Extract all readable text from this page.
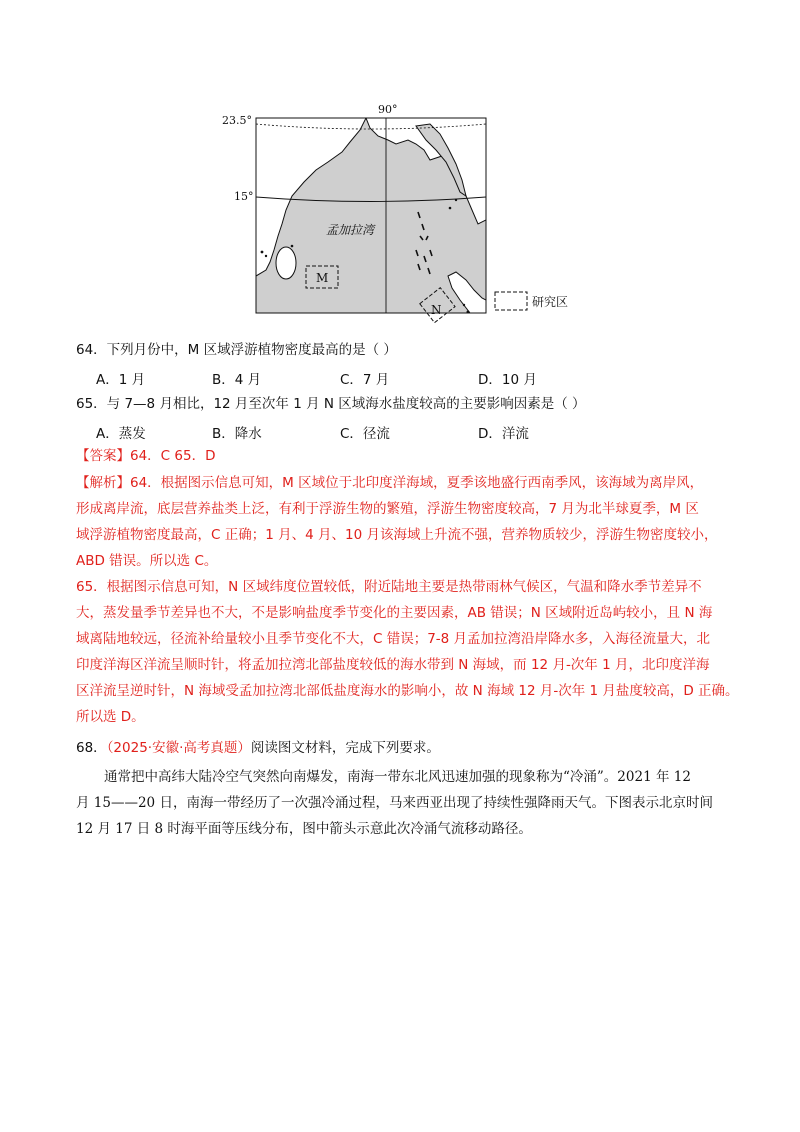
M
N
孟加拉湾
23.5°
15°
90°
研究区
64．下列月份中，M 区域浮游植物密度最高的是（ ）
A．1 月	B．4 月	C．7 月	D．10 月
65．与 7—8 月相比，12 月至次年 1 月 N 区域海水盐度较高的主要影响因素是（ ）
A．蒸发	B．降水	C．径流	D．洋流
【答案】64．C 65．D
【解析】64．根据图示信息可知，M 区域位于北印度洋海域，夏季该地盛行西南季风，该海域为离岸风，
形成离岸流，底层营养盐类上泛，有利于浮游生物的繁殖，浮游生物密度较高，7 月为北半球夏季，M 区
域浮游植物密度最高，C 正确；1 月、4 月、10 月该海域上升流不强，营养物质较少，浮游生物密度较小，
ABD 错误。所以选 C。
65．根据图示信息可知，N 区域纬度位置较低，附近陆地主要是热带雨林气候区，气温和降水季节差异不
大，蒸发量季节差异也不大，不是影响盐度季节变化的主要因素，AB 错误；N 区域附近岛屿较小，且 N 海
域离陆地较远，径流补给量较小且季节变化不大，C 错误；7-8 月孟加拉湾沿岸降水多，入海径流量大，北
印度洋海区洋流呈顺时针，将孟加拉湾北部盐度较低的海水带到 N 海域，而 12 月-次年 1 月，北印度洋海
区洋流呈逆时针，N 海域受孟加拉湾北部低盐度海水的影响小，故 N 海域 12 月-次年 1 月盐度较高，D 正确。
所以选 D。
68．（2025·安徽·高考真题）阅读图文材料，完成下列要求。
通常把中高纬大陆冷空气突然向南爆发，南海一带东北风迅速加强的现象称为“冷涌”。2021 年 12
月 15——20 日，南海一带经历了一次强冷涌过程，马来西亚出现了持续性强降雨天气。下图表示北京时间
12 月 17 日 8 时海平面等压线分布，图中箭头示意此次冷涌气流移动路径。
